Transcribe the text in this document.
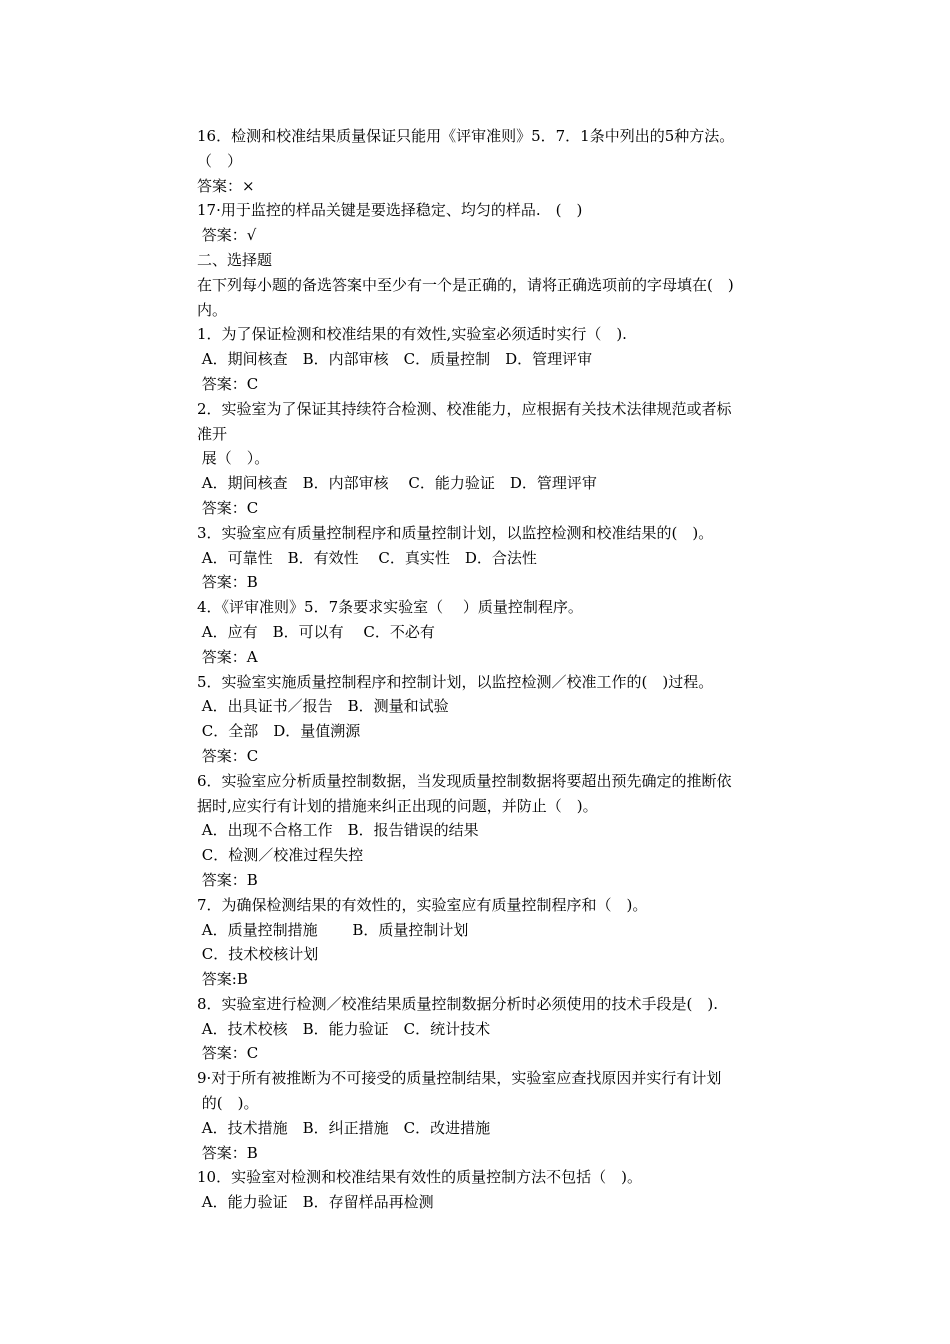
16．检测和校准结果质量保证只能用《评审准则》5．7．1条中列出的5种方法。
（　）
答案：×
17·用于监控的样品关键是要选择稳定、均匀的样品.　(　)
答案：√
二、选择题
在下列每小题的备选答案中至少有一个是正确的，请将正确选项前的字母填在(　)
内。
1．为了保证检测和校准结果的有效性,实验室必须适时实行（　).
A．期间核查　B．内部审核　C．质量控制　D．管理评审
答案：C
2．实验室为了保证其持续符合检测、校准能力，应根据有关技术法律规范或者标
准开
展（　）。
A．期间核查　B．内部审核　 C．能力验证　D．管理评审
答案：C
3．实验室应有质量控制程序和质量控制计划，以监控检测和校准结果的(　)。
A．可靠性　B．有效性　 C．真实性　D．合法性
答案：B
4．《评审准则》5．7条要求实验室（　 ）质量控制程序。
A．应有　B．可以有　 C．不必有
答案：A
5．实验室实施质量控制程序和控制计划，以监控检测／校准工作的(　)过程。
A．出具证书／报告　B．测量和试验
C．全部　D．量值溯源
答案：C
6．实验室应分析质量控制数据，当发现质量控制数据将要超出预先确定的推断依
据时,应实行有计划的措施来纠正出现的问题，并防止（　)。
A．出现不合格工作　B．报告错误的结果
C．检测／校准过程失控
答案：B
7．为确保检测结果的有效性的，实验室应有质量控制程序和（　)。
A．质量控制措施　　 B．质量控制计划
C．技术校核计划
答案:B
8．实验室进行检测／校准结果质量控制数据分析时必须使用的技术手段是(　).
A．技术校核　B．能力验证　C．统计技术
答案：C
9·对于所有被推断为不可接受的质量控制结果，实验室应查找原因并实行有计划
的(　)。
A．技术措施　B．纠正措施　C．改进措施
答案：B
10．实验室对检测和校准结果有效性的质量控制方法不包括（　)。
A．能力验证　B．存留样品再检测
